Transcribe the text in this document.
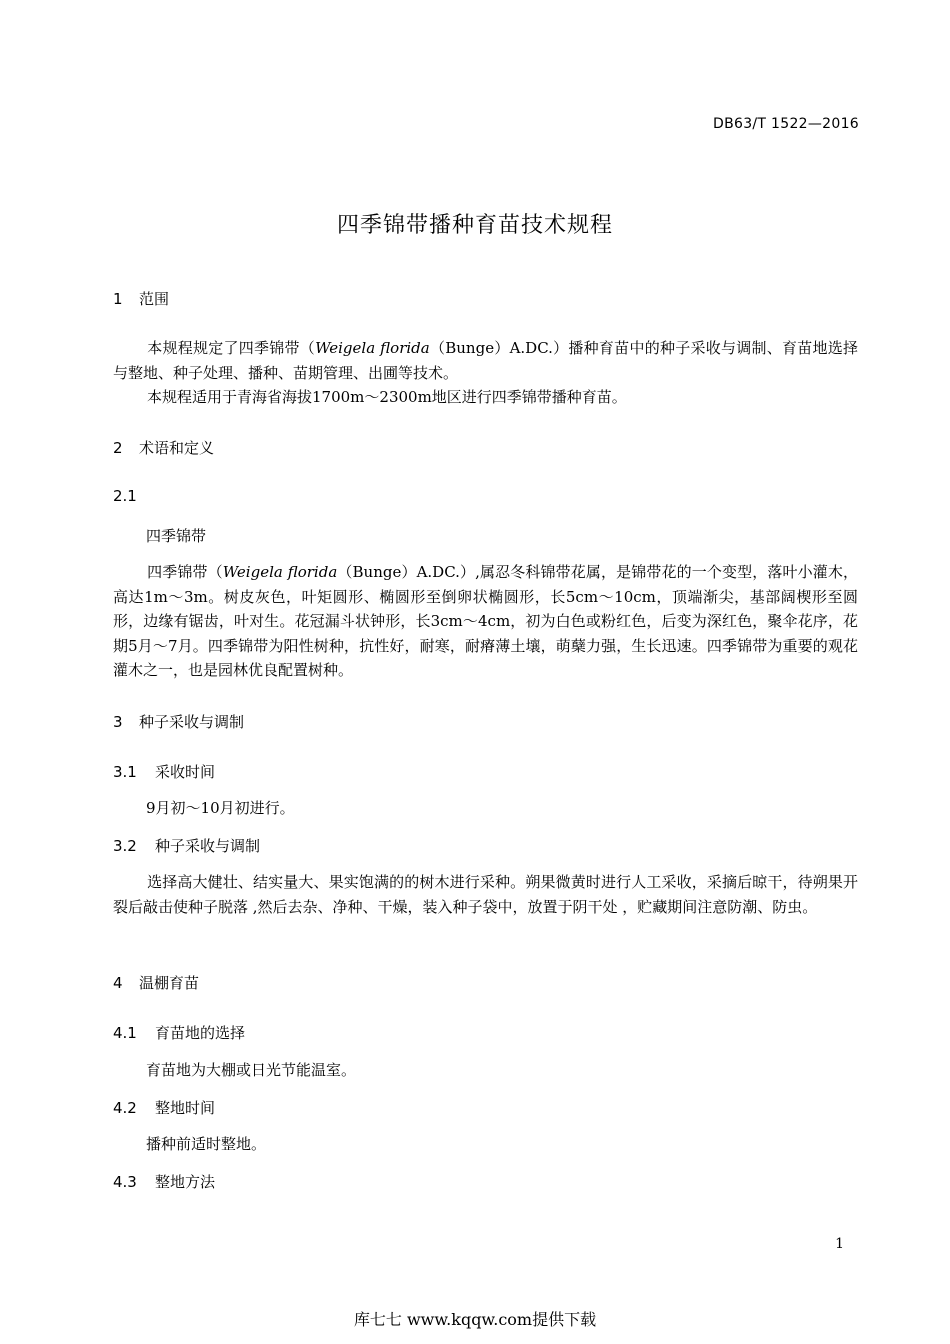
DB63/T 1522—2016
四季锦带播种育苗技术规程
1 范围
本规程规定了四季锦带（Weigela florida（Bunge）A.DC.）播种育苗中的种子采收与调制、育苗地选择与整地、种子处理、播种、苗期管理、出圃等技术。
本规程适用于青海省海拔1700m～2300m地区进行四季锦带播种育苗。
2 术语和定义
2.1
四季锦带
四季锦带（Weigela florida（Bunge）A.DC.）,属忍冬科锦带花属，是锦带花的一个变型，落叶小灌木，高达1m～3m。树皮灰色，叶矩圆形、椭圆形至倒卵状椭圆形，长5cm～10cm，顶端渐尖，基部阔楔形至圆形，边缘有锯齿，叶对生。花冠漏斗状钟形，长3cm～4cm，初为白色或粉红色，后变为深红色，聚伞花序，花期5月～7月。四季锦带为阳性树种，抗性好，耐寒，耐瘠薄土壤，萌蘖力强，生长迅速。四季锦带为重要的观花灌木之一，也是园林优良配置树种。
3 种子采收与调制
3.1 采收时间
9月初～10月初进行。
3.2 种子采收与调制
选择高大健壮、结实量大、果实饱满的的树木进行采种。朔果微黄时进行人工采收，采摘后晾干，待朔果开裂后敲击使种子脱落 ,然后去杂、净种、干燥，装入种子袋中，放置于阴干处 ，贮藏期间注意防潮、防虫。
4 温棚育苗
4.1 育苗地的选择
育苗地为大棚或日光节能温室。
4.2 整地时间
播种前适时整地。
4.3 整地方法
1
库七七 www.kqqw.com提供下载
